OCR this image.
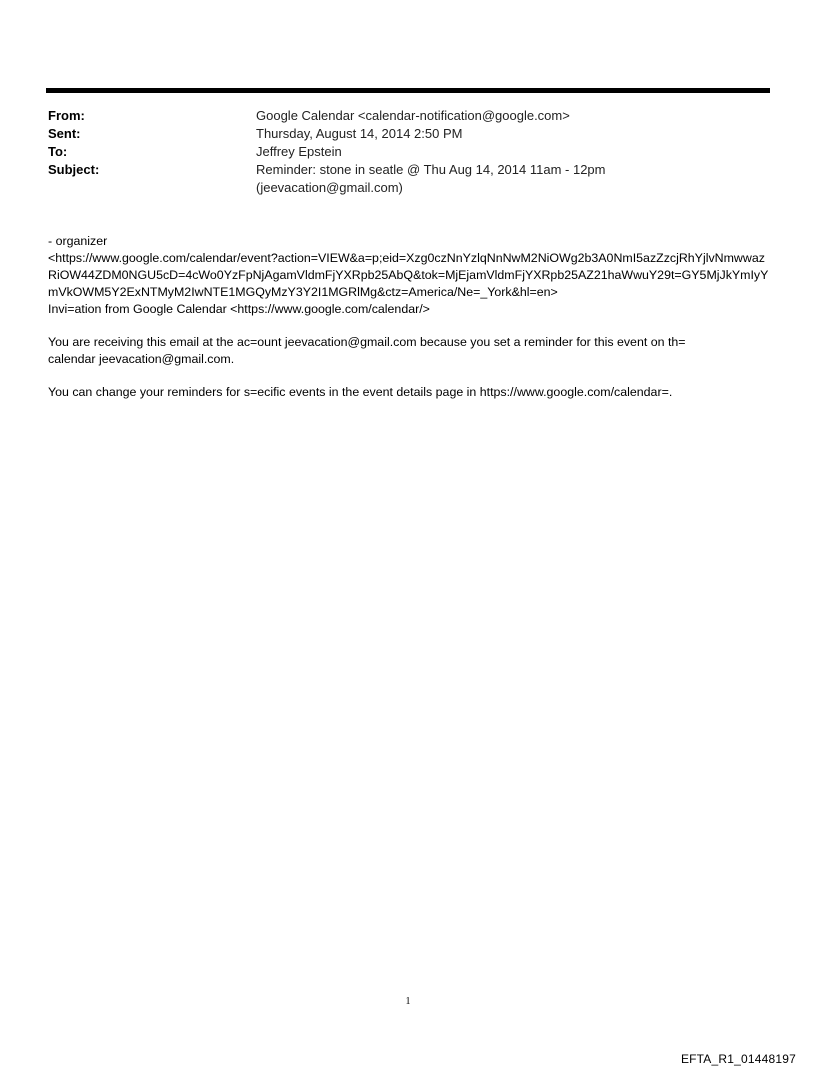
From:	Google Calendar <calendar-notification@google.com>
Sent:	Thursday, August 14, 2014 2:50 PM
To:	Jeffrey Epstein
Subject:	Reminder: stone in seatle @ Thu Aug 14, 2014 11am - 12pm
(jeevacation@gmail.com)

- organizer

<https://www.google.com/calendar/event?action=VIEW&a=p;eid=Xzg0czNnYzlqNnNwM2NiOWg2b3A0NmI5azZzcjRhYjlvNmwwazRiOW44ZDM0NGU5cD=4cWo0YzFpNjAgamVldmFjYXRpb25AbQ&tok=MjEjamVldmFjYXRpb25AZ21haWwuY29t=GY5MjJkYmIyYmVkOWM5Y2ExNTMyM2IwNTE1MGQyMzY3Y2I1MGRlMg&ctz=America/Ne=_York&hl=en>

Invi=ation from Google Calendar <https://www.google.com/calendar/>

You are receiving this email at the ac=ount jeevacation@gmail.com because you set a reminder for this event on th=

calendar jeevacation@gmail.com.

You can change your reminders for s=ecific events in the event details page in https://www.google.com/calendar=.

1
EFTA_R1_01448197
